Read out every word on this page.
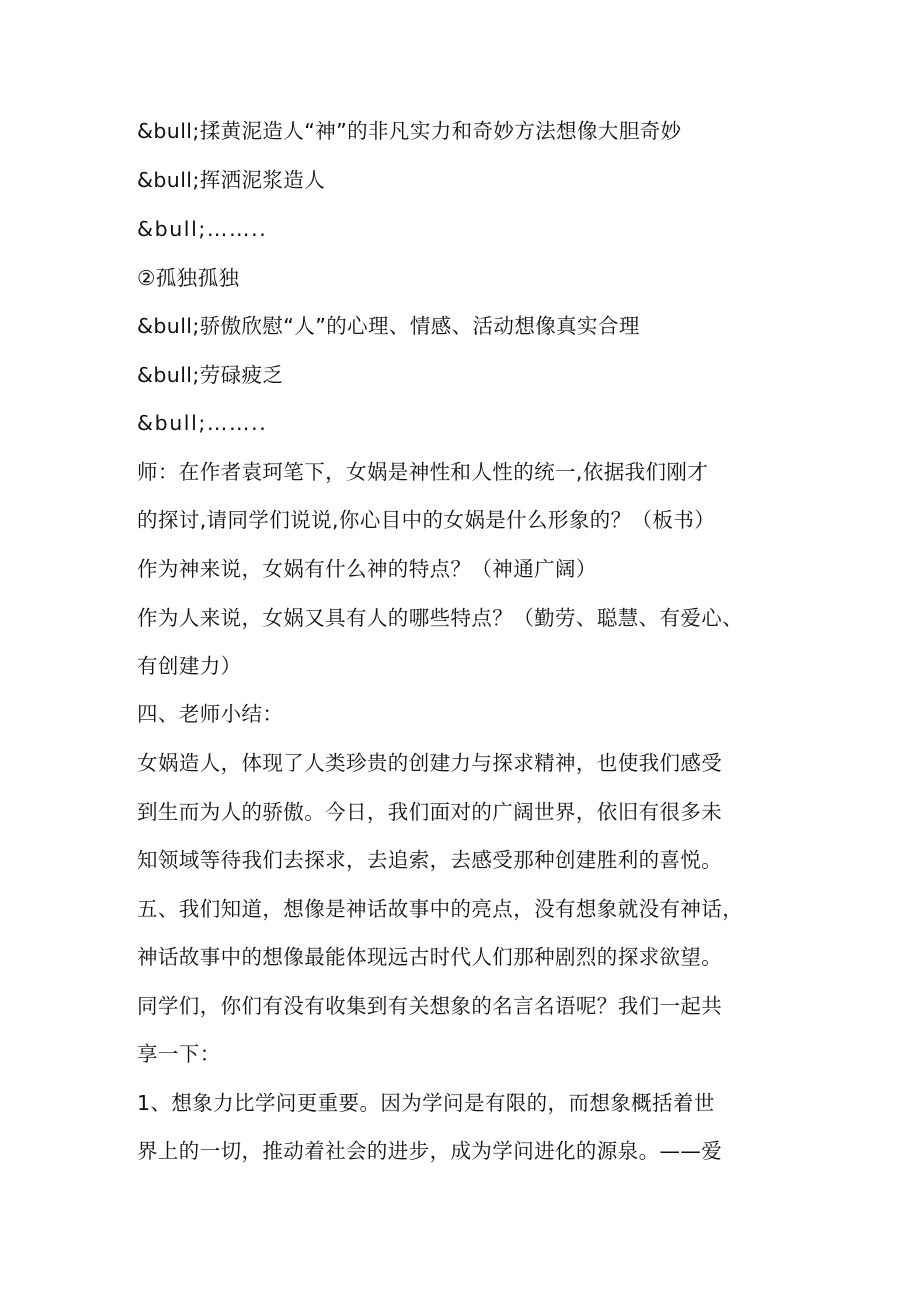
&bull;揉黄泥造人“神”的非凡实力和奇妙方法想像大胆奇妙
&bull;挥洒泥浆造人
&bull;……..
②孤独孤独
&bull;骄傲欣慰“人”的心理、情感、活动想像真实合理
&bull;劳碌疲乏
&bull;……..
师：在作者袁珂笔下，女娲是神性和人性的统一,依据我们刚才
的探讨,请同学们说说,你心目中的女娲是什么形象的？（板书）
作为神来说，女娲有什么神的特点？（神通广阔）
作为人来说，女娲又具有人的哪些特点？（勤劳、聪慧、有爱心、
有创建力）
四、老师小结：
女娲造人，体现了人类珍贵的创建力与探求精神，也使我们感受
到生而为人的骄傲。今日，我们面对的广阔世界，依旧有很多未
知领域等待我们去探求，去追索，去感受那种创建胜利的喜悦。
五、我们知道，想像是神话故事中的亮点，没有想象就没有神话，
神话故事中的想像最能体现远古时代人们那种剧烈的探求欲望。
同学们，你们有没有收集到有关想象的名言名语呢？我们一起共
享一下：
1、想象力比学问更重要。因为学问是有限的，而想象概括着世
界上的一切，推动着社会的进步，成为学问进化的源泉。——爱
